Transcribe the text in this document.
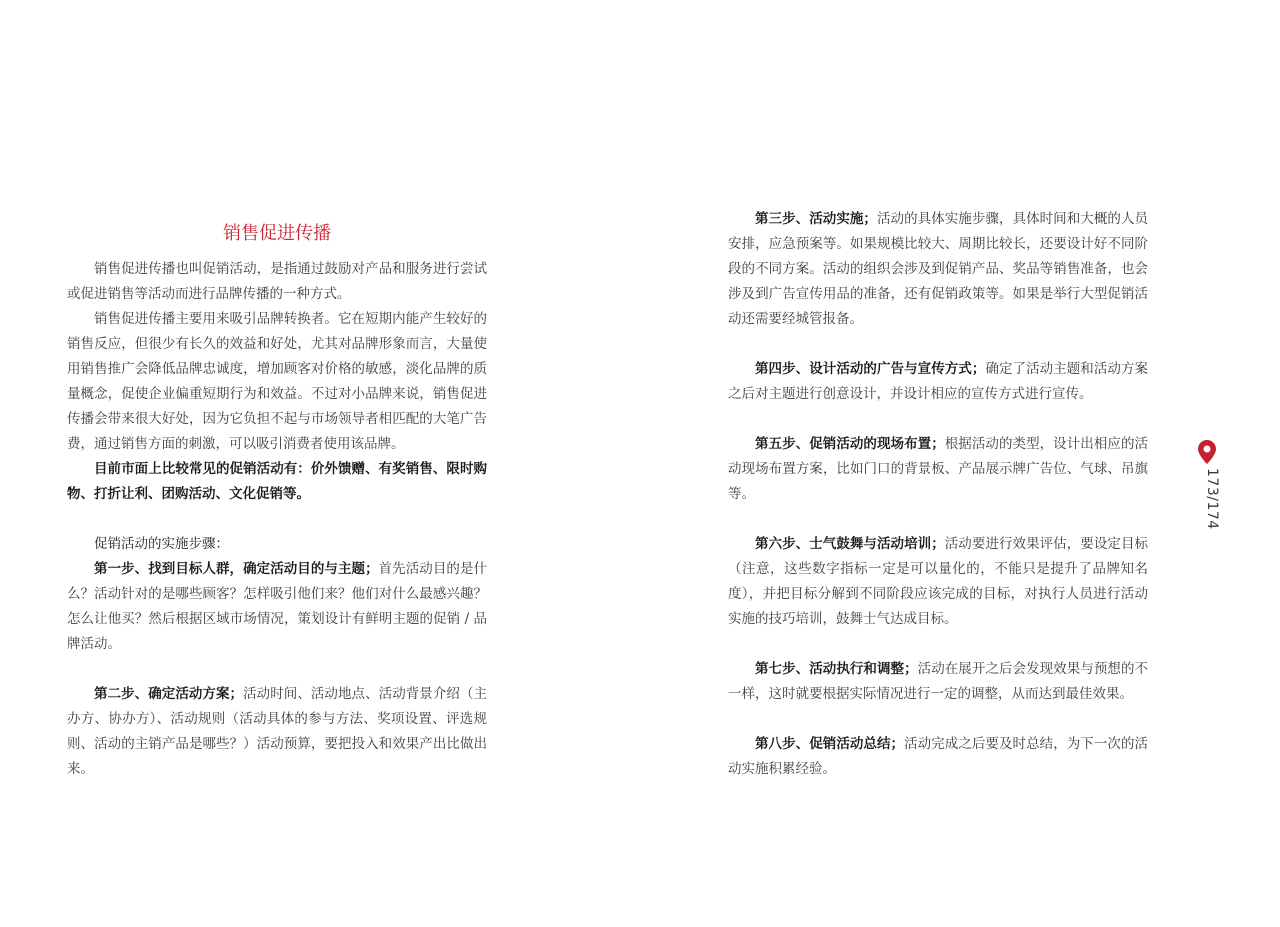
销售促进传播

销售促进传播也叫促销活动，是指通过鼓励对产品和服务进行尝试或促进销售等活动而进行品牌传播的一种方式。

销售促进传播主要用来吸引品牌转换者。它在短期内能产生较好的销售反应，但很少有长久的效益和好处，尤其对品牌形象而言，大量使用销售推广会降低品牌忠诚度，增加顾客对价格的敏感，淡化品牌的质量概念，促使企业偏重短期行为和效益。不过对小品牌来说，销售促进传播会带来很大好处，因为它负担不起与市场领导者相匹配的大笔广告费，通过销售方面的刺激，可以吸引消费者使用该品牌。

目前市面上比较常见的促销活动有：价外馈赠、有奖销售、限时购物、打折让利、团购活动、文化促销等。

促销活动的实施步骤：

第一步、找到目标人群，确定活动目的与主题；首先活动目的是什么？活动针对的是哪些顾客？怎样吸引他们来？他们对什么最感兴趣？怎么让他买？然后根据区域市场情况，策划设计有鲜明主题的促销 / 品牌活动。

第二步、确定活动方案；活动时间、活动地点、活动背景介绍（主办方、协办方）、活动规则（活动具体的参与方法、奖项设置、评选规则、活动的主销产品是哪些？）活动预算，要把投入和效果产出比做出来。

第三步、活动实施；活动的具体实施步骤，具体时间和大概的人员安排，应急预案等。如果规模比较大、周期比较长，还要设计好不同阶段的不同方案。活动的组织会涉及到促销产品、奖品等销售准备，也会涉及到广告宣传用品的准备，还有促销政策等。如果是举行大型促销活动还需要经城管报备。

第四步、设计活动的广告与宣传方式；确定了活动主题和活动方案之后对主题进行创意设计，并设计相应的宣传方式进行宣传。

第五步、促销活动的现场布置；根据活动的类型，设计出相应的活动现场布置方案，比如门口的背景板、产品展示牌广告位、气球、吊旗等。

第六步、士气鼓舞与活动培训；活动要进行效果评估，要设定目标（注意，这些数字指标一定是可以量化的，不能只是提升了品牌知名度），并把目标分解到不同阶段应该完成的目标，对执行人员进行活动实施的技巧培训，鼓舞士气达成目标。

第七步、活动执行和调整；活动在展开之后会发现效果与预想的不一样，这时就要根据实际情况进行一定的调整，从而达到最佳效果。

第八步、促销活动总结；活动完成之后要及时总结，为下一次的活动实施积累经验。

173/174
